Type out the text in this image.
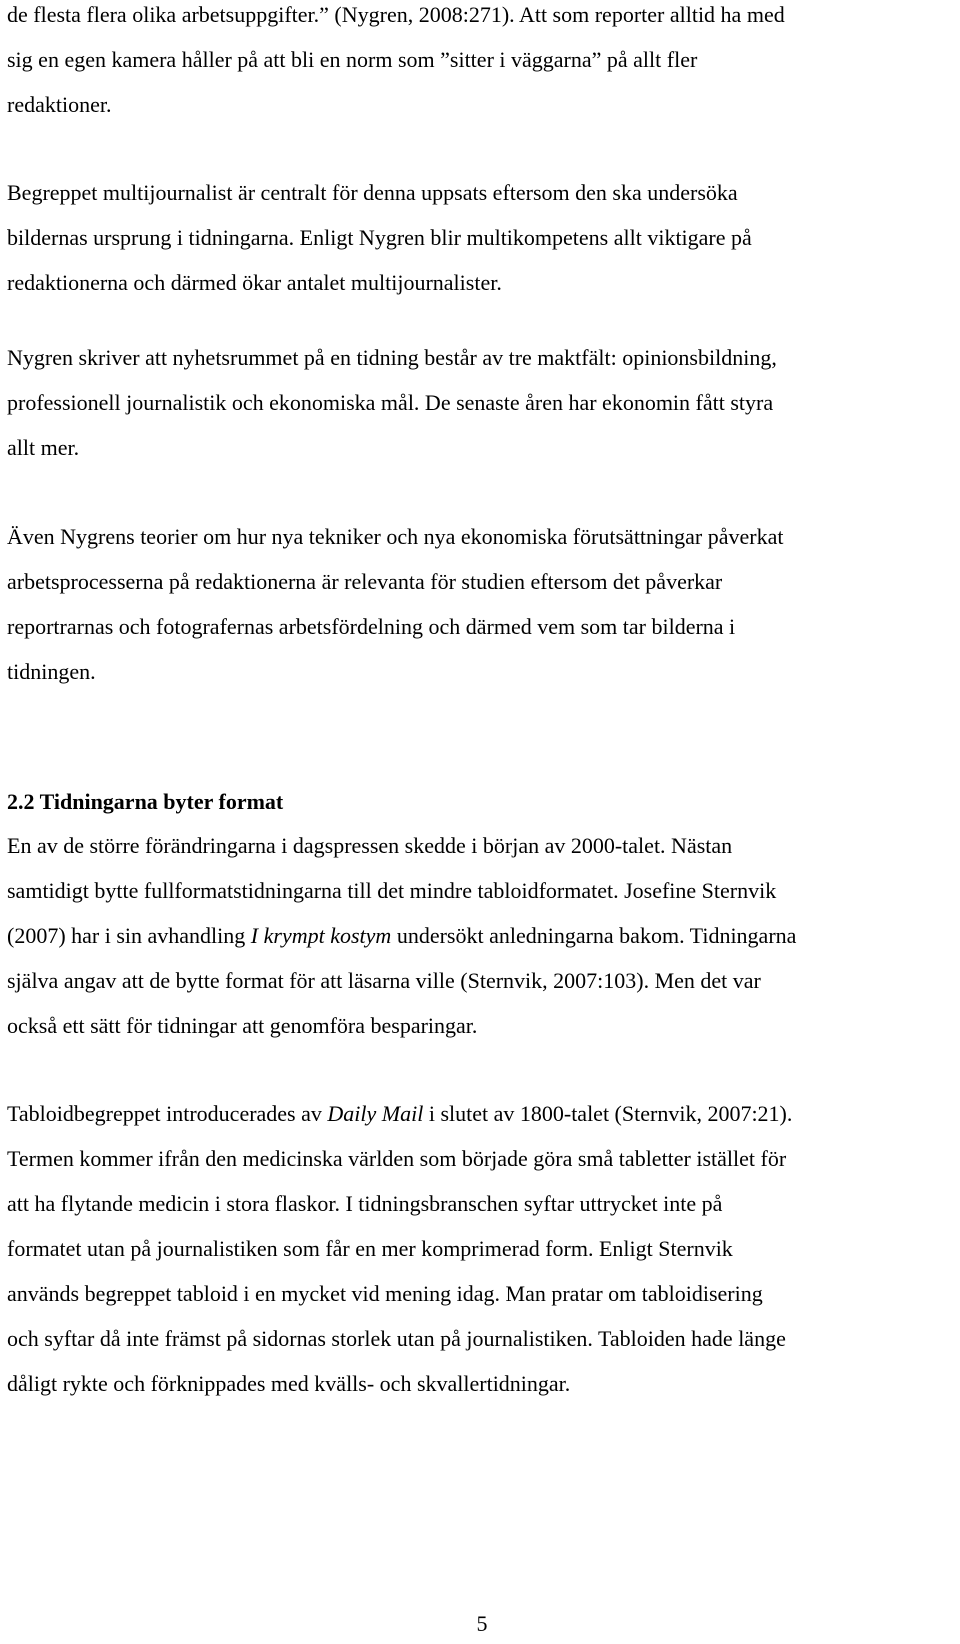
de flesta flera olika arbetsuppgifter.” (Nygren, 2008:271). Att som reporter alltid ha med
sig en egen kamera håller på att bli en norm som ”sitter i väggarna” på allt fler
redaktioner.

Begreppet multijournalist är centralt för denna uppsats eftersom den ska undersöka
bildernas ursprung i tidningarna. Enligt Nygren blir multikompetens allt viktigare på
redaktionerna och därmed ökar antalet multijournalister.

Nygren skriver att nyhetsrummet på en tidning består av tre maktfält: opinionsbildning,
professionell journalistik och ekonomiska mål. De senaste åren har ekonomin fått styra
allt mer.

Även Nygrens teorier om hur nya tekniker och nya ekonomiska förutsättningar påverkat
arbetsprocesserna på redaktionerna är relevanta för studien eftersom det påverkar
reportrarnas och fotografernas arbetsfördelning och därmed vem som tar bilderna i
tidningen.

2.2 Tidningarna byter format

En av de större förändringarna i dagspressen skedde i början av 2000-talet. Nästan
samtidigt bytte fullformatstidningarna till det mindre tabloidformatet. Josefine Sternvik
(2007) har i sin avhandling I krympt kostym undersökt anledningarna bakom. Tidningarna
själva angav att de bytte format för att läsarna ville (Sternvik, 2007:103). Men det var
också ett sätt för tidningar att genomföra besparingar.

Tabloidbegreppet introducerades av Daily Mail i slutet av 1800-talet (Sternvik, 2007:21).
Termen kommer ifrån den medicinska världen som började göra små tabletter istället för
att ha flytande medicin i stora flaskor. I tidningsbranschen syftar uttrycket inte på
formatet utan på journalistiken som får en mer komprimerad form. Enligt Sternvik
används begreppet tabloid i en mycket vid mening idag. Man pratar om tabloidisering
och syftar då inte främst på sidornas storlek utan på journalistiken. Tabloiden hade länge
dåligt rykte och förknippades med kvälls- och skvallertidningar.

5
